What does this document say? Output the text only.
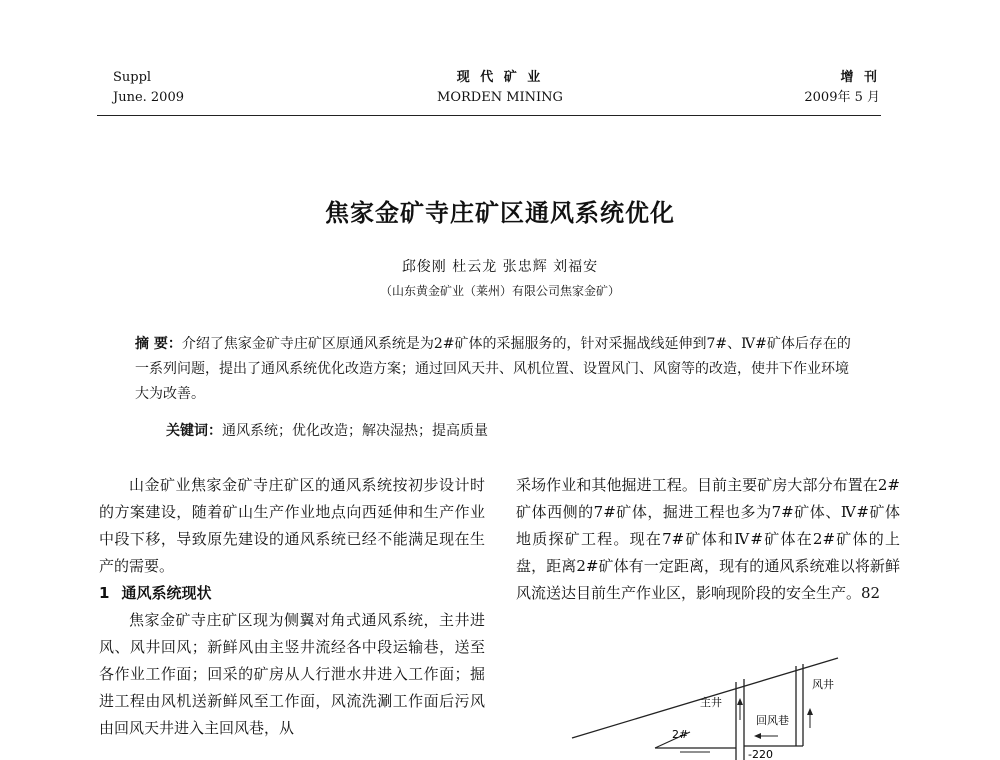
Suppl
June. 2009
现 代 矿 业
MORDEN MINING
增 刊
2009年 5 月
焦家金矿寺庄矿区通风系统优化
邱俊刚 杜云龙 张忠辉 刘福安
（山东黄金矿业（莱州）有限公司焦家金矿）
摘 要：介绍了焦家金矿寺庄矿区原通风系统是为2#矿体的采掘服务的，针对采掘战线延伸到7#、Ⅳ#矿体后存在的一系列问题，提出了通风系统优化改造方案；通过回风天井、风机位置、设置风门、风窗等的改造，使井下作业环境大为改善。
关键词：通风系统；优化改造；解决湿热；提高质量

山金矿业焦家金矿寺庄矿区的通风系统按初步设计时的方案建设，随着矿山生产作业地点向西延伸和生产作业中段下移，导致原先建设的通风系统已经不能满足现在生产的需要。

1 通风系统现状

焦家金矿寺庄矿区现为侧翼对角式通风系统，主井进风、风井回风；新鲜风由主竖井流经各中段运输巷，送至各作业工作面；回采的矿房从人行泄水井进入工作面；掘进工程由风机送新鲜风至工作面，风流洗涮工作面后污风由回风天井进入主回风巷，从

采场作业和其他掘进工程。目前主要矿房大部分布置在2#矿体西侧的7#矿体，掘进工程也多为7#矿体、Ⅳ#矿体地质探矿工程。现在7#矿体和Ⅳ#矿体在2#矿体的上盘，距离2#矿体有一定距离，现有的通风系统难以将新鲜风流送达目前生产作业区，影响现阶段的安全生产。82

主井
风井
回风巷
2#
-220
